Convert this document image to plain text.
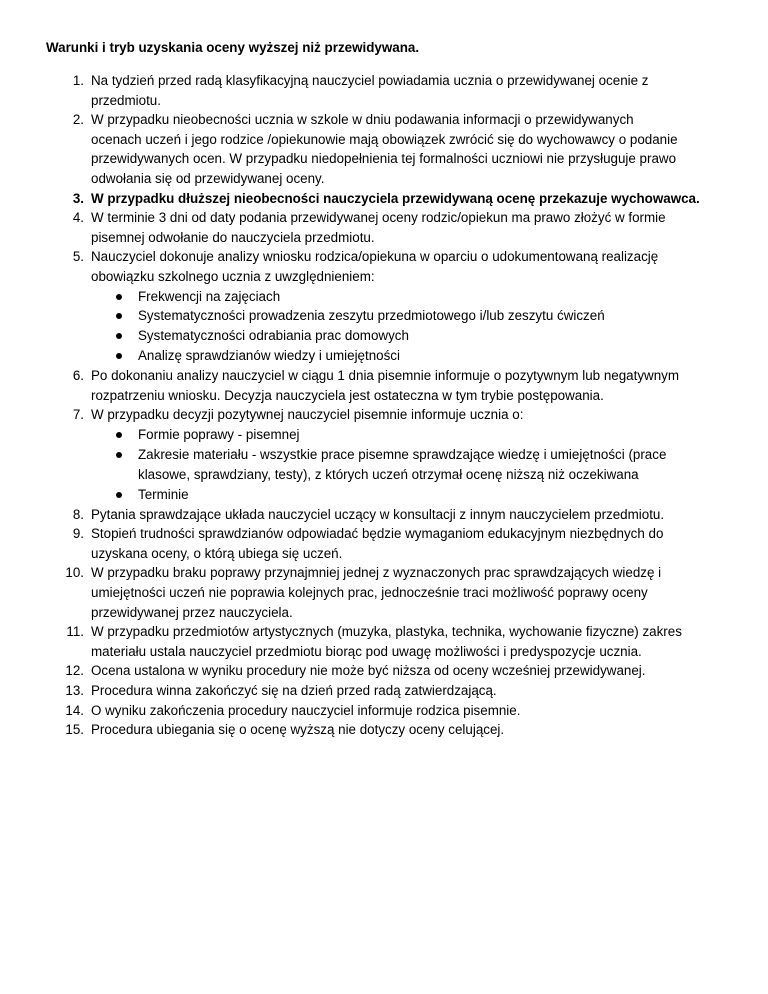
Warunki i tryb uzyskania oceny wyższej niż przewidywana.
1. Na tydzień przed radą klasyfikacyjną nauczyciel powiadamia ucznia o przewidywanej ocenie z
przedmiotu.
2. W przypadku nieobecności ucznia w szkole w dniu podawania informacji o przewidywanych
ocenach uczeń i jego rodzice /opiekunowie mają obowiązek zwrócić się do wychowawcy o podanie
przewidywanych ocen. W przypadku niedopełnienia tej formalności uczniowi nie przysługuje prawo
odwołania się od przewidywanej oceny.
3. W przypadku dłuższej nieobecności nauczyciela przewidywaną ocenę przekazuje wychowawca.
4. W terminie 3 dni od daty podania przewidywanej oceny rodzic/opiekun ma prawo złożyć w formie
pisemnej odwołanie do nauczyciela przedmiotu.
5. Nauczyciel dokonuje analizy wniosku rodzica/opiekuna w oparciu o udokumentowaną realizację
obowiązku szkolnego ucznia z uwzględnieniem:
Frekwencji na zajęciach
Systematyczności prowadzenia zeszytu przedmiotowego i/lub zeszytu ćwiczeń
Systematyczności odrabiania prac domowych
Analizę sprawdzianów wiedzy i umiejętności
6. Po dokonaniu analizy nauczyciel w ciągu 1 dnia pisemnie informuje o pozytywnym lub negatywnym
rozpatrzeniu wniosku. Decyzja nauczyciela jest ostateczna w tym trybie postępowania.
7. W przypadku decyzji pozytywnej nauczyciel pisemnie informuje ucznia o:
Formie poprawy - pisemnej
Zakresie materiału - wszystkie prace pisemne sprawdzające wiedzę i umiejętności (prace
klasowe, sprawdziany, testy), z których uczeń otrzymał ocenę niższą niż oczekiwana
Terminie
8. Pytania sprawdzające układa nauczyciel uczący w konsultacji z innym nauczycielem przedmiotu.
9. Stopień trudności sprawdzianów odpowiadać będzie wymaganiom edukacyjnym niezbędnych do
uzyskana oceny, o którą ubiega się uczeń.
10. W przypadku braku poprawy przynajmniej jednej z wyznaczonych prac sprawdzających wiedzę i
umiejętności uczeń nie poprawia kolejnych prac, jednocześnie traci możliwość poprawy oceny
przewidywanej przez nauczyciela.
11. W przypadku przedmiotów artystycznych (muzyka, plastyka, technika, wychowanie fizyczne) zakres
materiału ustala nauczyciel przedmiotu biorąc pod uwagę możliwości i predyspozycje ucznia.
12. Ocena ustalona w wyniku procedury nie może być niższa od oceny wcześniej przewidywanej.
13. Procedura winna zakończyć się na dzień przed radą zatwierdzającą.
14. O wyniku zakończenia procedury nauczyciel informuje rodzica pisemnie.
15. Procedura ubiegania się o ocenę wyższą nie dotyczy oceny celującej.
